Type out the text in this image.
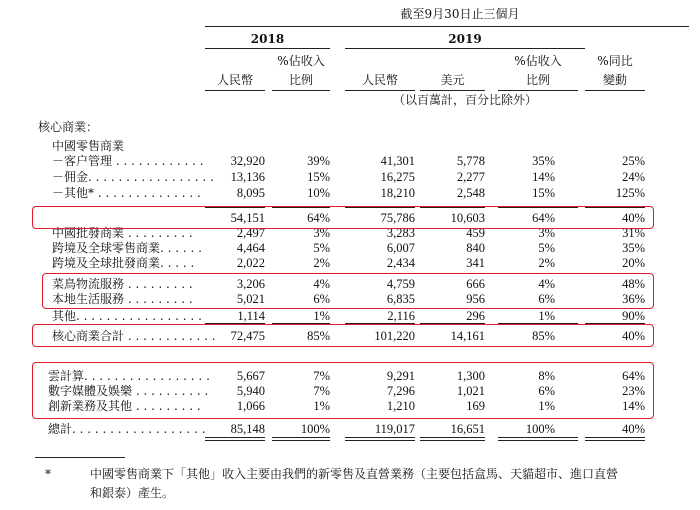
截至9月30日止三個月
2018	2019
人民幣
%佔收入
比例	人民幣	美元
%佔收入
比例
%同比
變動
（以百萬計，百分比除外）
核心商業：
中國零售商業
－客户管理 . . . . . . . . . . . .	32,920	39%	41,301	5,778	35%	25%
－佣金. . . . . . . . . . . . . . . . .	13,136	15%	16,275	2,277	14%	24%
－其他* . . . . . . . . . . . . . .	8,095	10%	18,210	2,548	15%	125%
54,151	64%	75,786	10,603	64%	40%
中國批發商業 . . . . . . . . .	2,497	3%	3,283	459	3%	31%
跨境及全球零售商業. . . . . .	4,464	5%	6,007	840	5%	35%
跨境及全球批發商業. . . . .	2,022	2%	2,434	341	2%	20%
菜鳥物流服務 . . . . . . . . .	3,206	4%	4,759	666	4%	48%
本地生活服務 . . . . . . . . .	5,021	6%	6,835	956	6%	36%
其他. . . . . . . . . . . . . . . . .	1,114	1%	2,116	296	1%	90%
核心商業合計 . . . . . . . . . . . .	72,475	85%	101,220	14,161	85%	40%
雲計算. . . . . . . . . . . . . . . . .	5,667	7%	9,291	1,300	8%	64%
數字媒體及娛樂 . . . . . . . . . .	5,940	7%	7,296	1,021	6%	23%
創新業務及其他 . . . . . . . . .	1,066	1%	1,210	169	1%	14%
總計. . . . . . . . . . . . . . . . . .	85,148	100%	119,017	16,651	100%	40%
*	中國零售商業下「其他」收入主要由我們的新零售及直營業務（主要包括盒馬、天貓超市、進口直營
和銀泰）產生。
